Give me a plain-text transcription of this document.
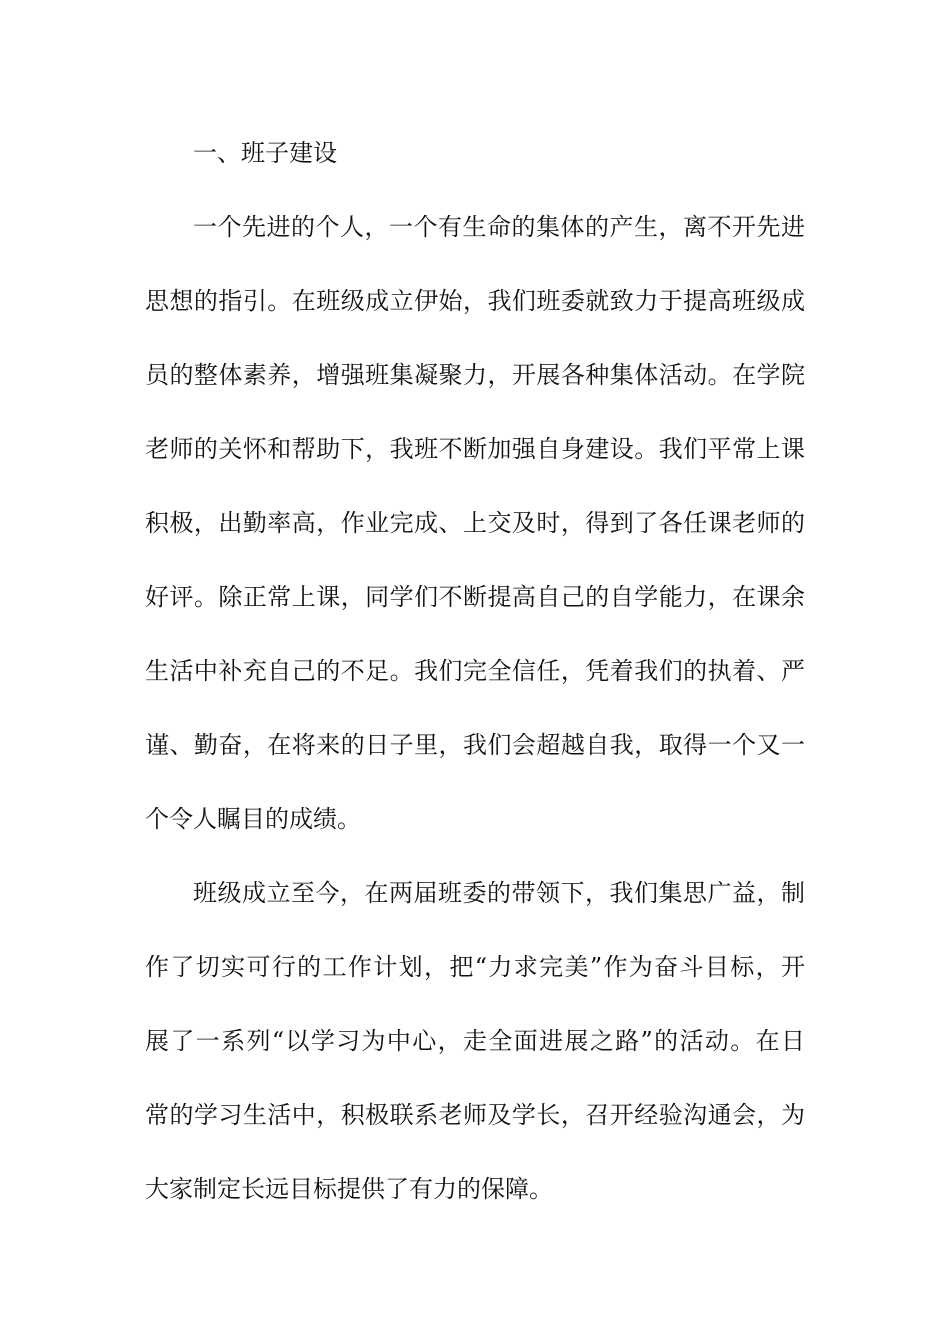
一、班子建设
一个先进的个人，一个有生命的集体的产生，离不开先进
思想的指引。在班级成立伊始，我们班委就致力于提高班级成
员的整体素养，增强班集凝聚力，开展各种集体活动。在学院
老师的关怀和帮助下，我班不断加强自身建设。我们平常上课
积极，出勤率高，作业完成、上交及时，得到了各任课老师的
好评。除正常上课，同学们不断提高自己的自学能力，在课余
生活中补充自己的不足。我们完全信任，凭着我们的执着、严
谨、勤奋，在将来的日子里，我们会超越自我，取得一个又一
个令人瞩目的成绩。
班级成立至今，在两届班委的带领下，我们集思广益，制
作了切实可行的工作计划，把“力求完美”作为奋斗目标，开
展了一系列“以学习为中心，走全面进展之路”的活动。在日
常的学习生活中，积极联系老师及学长，召开经验沟通会，为
大家制定长远目标提供了有力的保障。
